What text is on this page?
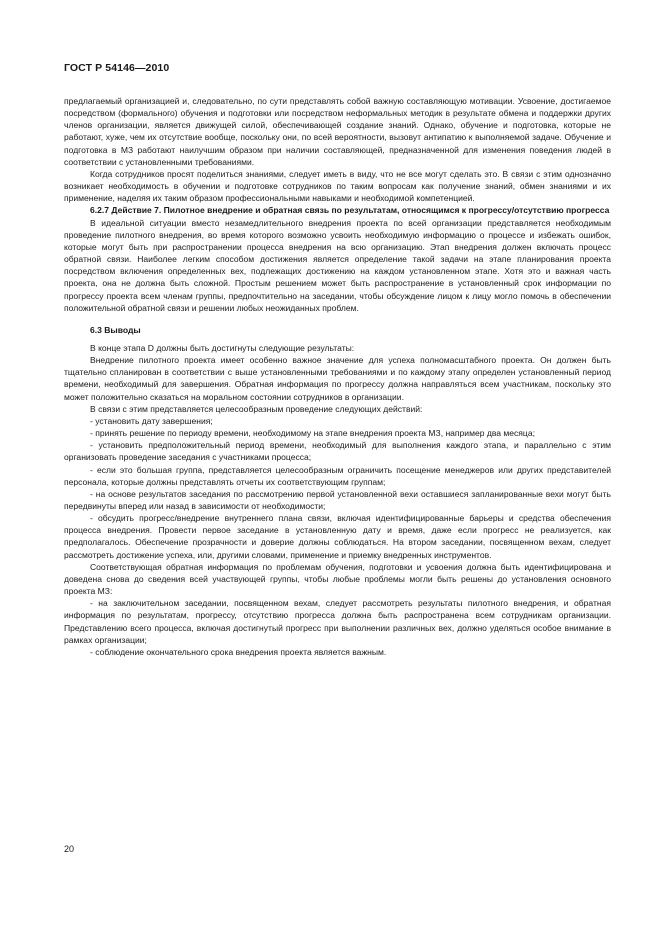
ГОСТ Р 54146—2010

предлагаемый организацией и, следовательно, по сути представлять собой важную составляющую мотивации. Усвоение, достигаемое посредством (формального) обучения и подготовки или посредством неформальных методик в результате обмена и поддержки других членов организации, является движущей силой, обеспечивающей создание знаний. Однако, обучение и подготовка, которые не работают, хуже, чем их отсутствие вообще, поскольку они, по всей вероятности, вызовут антипатию к выполняемой задаче. Обучение и подготовка в МЗ работают наилучшим образом при наличии составляющей, предназначенной для изменения поведения людей в соответствии с установленными требованиями.

Когда сотрудников просят поделиться знаниями, следует иметь в виду, что не все могут сделать это. В связи с этим однозначно возникает необходимость в обучении и подготовке сотрудников по таким вопросам как получение знаний, обмен знаниями и их применение, наделяя их таким образом профессиональными навыками и необходимой компетенцией.

6.2.7 Действие 7. Пилотное внедрение и обратная связь по результатам, относящимся к прогрессу/отсутствию прогресса

В идеальной ситуации вместо незамедлительного внедрения проекта по всей организации представляется необходимым проведение пилотного внедрения, во время которого возможно усвоить необходимую информацию о процессе и избежать ошибок, которые могут быть при распространении процесса внедрения на всю организацию. Этап внедрения должен включать процесс обратной связи. Наиболее легким способом достижения является определение такой задачи на этапе планирования проекта посредством включения определенных вех, подлежащих достижению на каждом установленном этапе. Хотя это и важная часть проекта, она не должна быть сложной. Простым решением может быть распространение в установленный срок информации по прогрессу проекта всем членам группы, предпочтительно на заседании, чтобы обсуждение лицом к лицу могло помочь в обеспечении положительной обратной связи и решении любых неожиданных проблем.

6.3 Выводы

В конце этапа D должны быть достигнуты следующие результаты:

Внедрение пилотного проекта имеет особенно важное значение для успеха полномасштабного проекта. Он должен быть тщательно спланирован в соответствии с выше установленными требованиями и по каждому этапу определен установленный период времени, необходимый для завершения. Обратная информация по прогрессу должна направляться всем участникам, поскольку это может положительно сказаться на моральном состоянии сотрудников в организации.

В связи с этим представляется целесообразным проведение следующих действий:

- установить дату завершения;

- принять решение по периоду времени, необходимому на этапе внедрения проекта МЗ, например два месяца;

- установить предположительный период времени, необходимый для выполнения каждого этапа, и параллельно с этим организовать проведение заседания с участниками процесса;

- если это большая группа, представляется целесообразным ограничить посещение менеджеров или других представителей персонала, которые должны представлять отчеты их соответствующим группам;

- на основе результатов заседания по рассмотрению первой установленной вехи оставшиеся запланированные вехи могут быть передвинуты вперед или назад в зависимости от необходимости;

- обсудить прогресс/внедрение внутреннего плана связи, включая идентифицированные барьеры и средства обеспечения процесса внедрения. Провести первое заседание в установленную дату и время, даже если прогресс не реализуется, как предполагалось. Обеспечение прозрачности и доверие должны соблюдаться. На втором заседании, посвященном вехам, следует рассмотреть достижение успеха, или, другими словами, применение и приемку внедренных инструментов.

Соответствующая обратная информация по проблемам обучения, подготовки и усвоения должна быть идентифицирована и доведена снова до сведения всей участвующей группы, чтобы любые проблемы могли быть решены до установления основного проекта МЗ:

- на заключительном заседании, посвященном вехам, следует рассмотреть результаты пилотного внедрения, и обратная информация по результатам, прогрессу, отсутствию прогресса должна быть распространена всем сотрудникам организации. Представлению всего процесса, включая достигнутый прогресс при выполнении различных вех, должно уделяться особое внимание в рамках организации;

- соблюдение окончательного срока внедрения проекта является важным.

20
